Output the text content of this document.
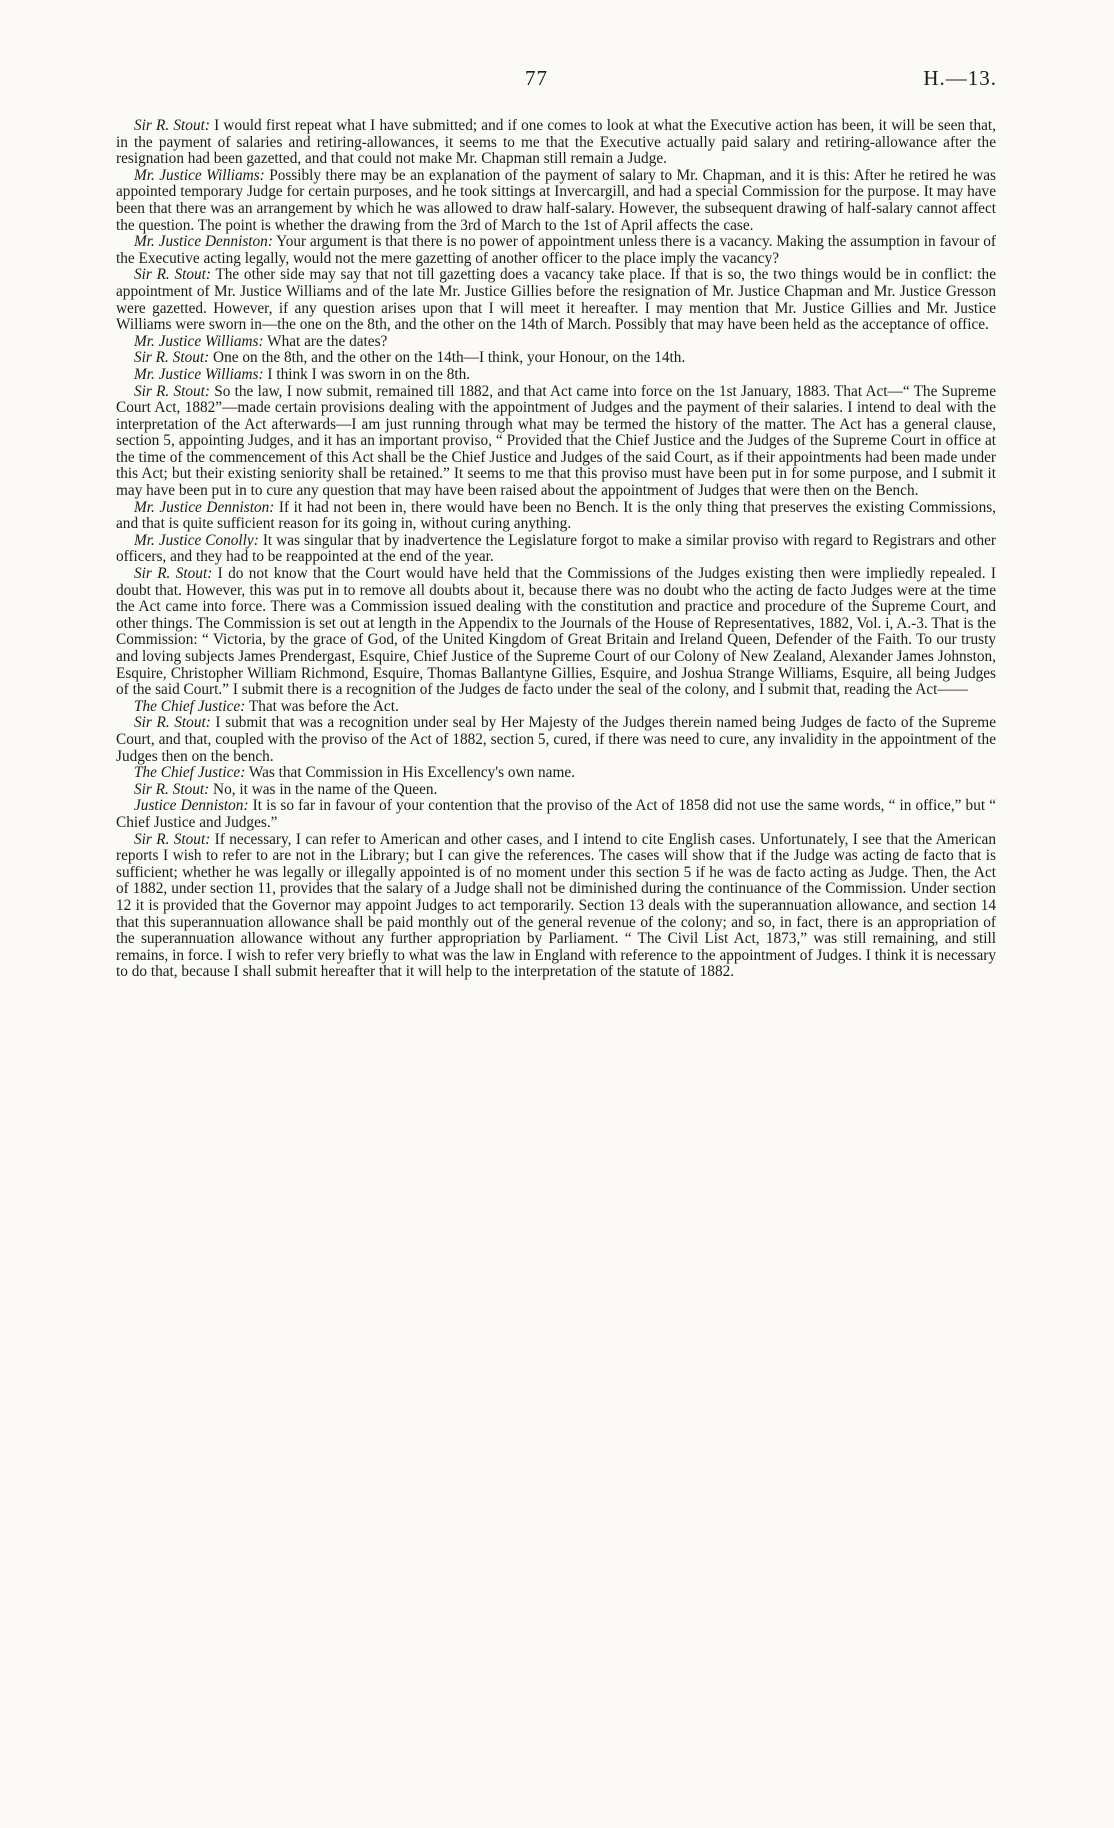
77	H.—13.

Sir R. Stout: I would first repeat what I have submitted; and if one comes to look at what the Executive action has been, it will be seen that, in the payment of salaries and retiring-allowances, it seems to me that the Executive actually paid salary and retiring-allowance after the resignation had been gazetted, and that could not make Mr. Chapman still remain a Judge.

Mr. Justice Williams: Possibly there may be an explanation of the payment of salary to Mr. Chapman, and it is this: After he retired he was appointed temporary Judge for certain purposes, and he took sittings at Invercargill, and had a special Commission for the purpose. It may have been that there was an arrangement by which he was allowed to draw half-salary. However, the subsequent drawing of half-salary cannot affect the question. The point is whether the drawing from the 3rd of March to the 1st of April affects the case.

Mr. Justice Denniston: Your argument is that there is no power of appointment unless there is a vacancy. Making the assumption in favour of the Executive acting legally, would not the mere gazetting of another officer to the place imply the vacancy?

Sir R. Stout: The other side may say that not till gazetting does a vacancy take place. If that is so, the two things would be in conflict: the appointment of Mr. Justice Williams and of the late Mr. Justice Gillies before the resignation of Mr. Justice Chapman and Mr. Justice Gresson were gazetted. However, if any question arises upon that I will meet it hereafter. I may mention that Mr. Justice Gillies and Mr. Justice Williams were sworn in—the one on the 8th, and the other on the 14th of March. Possibly that may have been held as the acceptance of office.

Mr. Justice Williams: What are the dates?

Sir R. Stout: One on the 8th, and the other on the 14th—I think, your Honour, on the 14th.

Mr. Justice Williams: I think I was sworn in on the 8th.

Sir R. Stout: So the law, I now submit, remained till 1882, and that Act came into force on the 1st January, 1883. That Act—“ The Supreme Court Act, 1882”—made certain provisions dealing with the appointment of Judges and the payment of their salaries. I intend to deal with the interpretation of the Act afterwards—I am just running through what may be termed the history of the matter. The Act has a general clause, section 5, appointing Judges, and it has an important proviso, “ Provided that the Chief Justice and the Judges of the Supreme Court in office at the time of the commencement of this Act shall be the Chief Justice and Judges of the said Court, as if their appointments had been made under this Act; but their existing seniority shall be retained.” It seems to me that this proviso must have been put in for some purpose, and I submit it may have been put in to cure any question that may have been raised about the appointment of Judges that were then on the Bench.

Mr. Justice Denniston: If it had not been in, there would have been no Bench. It is the only thing that preserves the existing Commissions, and that is quite sufficient reason for its going in, without curing anything.

Mr. Justice Conolly: It was singular that by inadvertence the Legislature forgot to make a similar proviso with regard to Registrars and other officers, and they had to be reappointed at the end of the year.

Sir R. Stout: I do not know that the Court would have held that the Commissions of the Judges existing then were impliedly repealed. I doubt that. However, this was put in to remove all doubts about it, because there was no doubt who the acting de facto Judges were at the time the Act came into force. There was a Commission issued dealing with the constitution and practice and procedure of the Supreme Court, and other things. The Commission is set out at length in the Appendix to the Journals of the House of Representatives, 1882, Vol. i, A.-3. That is the Commission: “ Victoria, by the grace of God, of the United Kingdom of Great Britain and Ireland Queen, Defender of the Faith. To our trusty and loving subjects James Prendergast, Esquire, Chief Justice of the Supreme Court of our Colony of New Zealand, Alexander James Johnston, Esquire, Christopher William Richmond, Esquire, Thomas Ballantyne Gillies, Esquire, and Joshua Strange Williams, Esquire, all being Judges of the said Court.” I submit there is a recognition of the Judges de facto under the seal of the colony, and I submit that, reading the Act——

The Chief Justice: That was before the Act.

Sir R. Stout: I submit that was a recognition under seal by Her Majesty of the Judges therein named being Judges de facto of the Supreme Court, and that, coupled with the proviso of the Act of 1882, section 5, cured, if there was need to cure, any invalidity in the appointment of the Judges then on the bench.

The Chief Justice: Was that Commission in His Excellency's own name.

Sir R. Stout: No, it was in the name of the Queen.

Justice Denniston: It is so far in favour of your contention that the proviso of the Act of 1858 did not use the same words, “ in office,” but “ Chief Justice and Judges.”

Sir R. Stout: If necessary, I can refer to American and other cases, and I intend to cite English cases. Unfortunately, I see that the American reports I wish to refer to are not in the Library; but I can give the references. The cases will show that if the Judge was acting de facto that is sufficient; whether he was legally or illegally appointed is of no moment under this section 5 if he was de facto acting as Judge. Then, the Act of 1882, under section 11, provides that the salary of a Judge shall not be diminished during the continuance of the Commission. Under section 12 it is provided that the Governor may appoint Judges to act temporarily. Section 13 deals with the superannuation allowance, and section 14 that this superannuation allowance shall be paid monthly out of the general revenue of the colony; and so, in fact, there is an appropriation of the superannuation allowance without any further appropriation by Parliament. “ The Civil List Act, 1873,” was still remaining, and still remains, in force. I wish to refer very briefly to what was the law in England with reference to the appointment of Judges. I think it is necessary to do that, because I shall submit hereafter that it will help to the interpretation of the statute of 1882.
